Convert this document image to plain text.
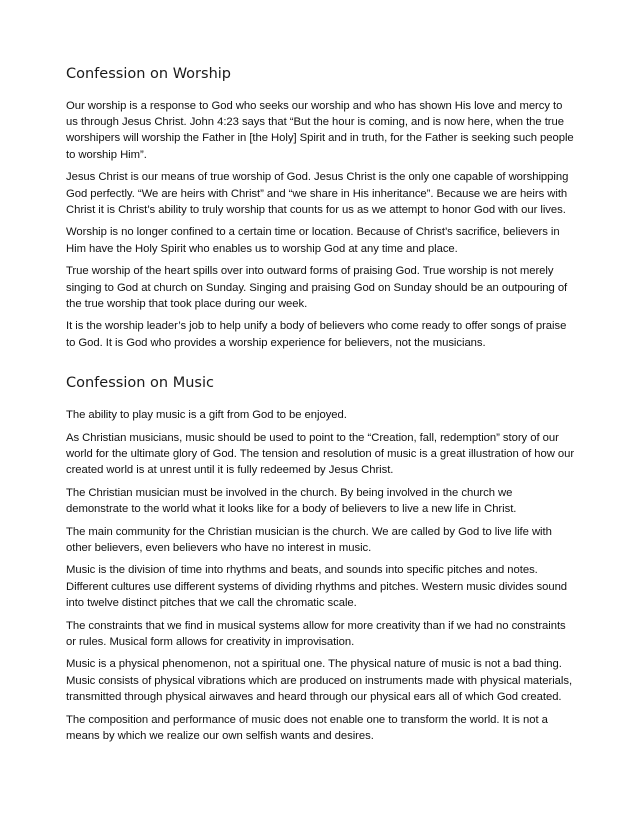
Confession on Worship

Our worship is a response to God who seeks our worship and who has shown His love and mercy to us through Jesus Christ. John 4:23 says that “But the hour is coming, and is now here, when the true worshipers will worship the Father in [the Holy] Spirit and in truth, for the Father is seeking such people to worship Him”.

Jesus Christ is our means of true worship of God. Jesus Christ is the only one capable of worshipping God perfectly. “We are heirs with Christ” and “we share in His inheritance”. Because we are heirs with Christ it is Christ’s ability to truly worship that counts for us as we attempt to honor God with our lives.

Worship is no longer confined to a certain time or location. Because of Christ’s sacrifice, believers in Him have the Holy Spirit who enables us to worship God at any time and place.

True worship of the heart spills over into outward forms of praising God. True worship is not merely singing to God at church on Sunday. Singing and praising God on Sunday should be an outpouring of the true worship that took place during our week.

It is the worship leader’s job to help unify a body of believers who come ready to offer songs of praise to God. It is God who provides a worship experience for believers, not the musicians.

Confession on Music

The ability to play music is a gift from God to be enjoyed.

As Christian musicians, music should be used to point to the “Creation, fall, redemption” story of our world for the ultimate glory of God. The tension and resolution of music is a great illustration of how our created world is at unrest until it is fully redeemed by Jesus Christ.

The Christian musician must be involved in the church. By being involved in the church we demonstrate to the world what it looks like for a body of believers to live a new life in Christ.

The main community for the Christian musician is the church. We are called by God to live life with other believers, even believers who have no interest in music.

Music is the division of time into rhythms and beats, and sounds into specific pitches and notes. Different cultures use different systems of dividing rhythms and pitches. Western music divides sound into twelve distinct pitches that we call the chromatic scale.

The constraints that we find in musical systems allow for more creativity than if we had no constraints or rules. Musical form allows for creativity in improvisation.

Music is a physical phenomenon, not a spiritual one. The physical nature of music is not a bad thing. Music consists of physical vibrations which are produced on instruments made with physical materials, transmitted through physical airwaves and heard through our physical ears all of which God created.

The composition and performance of music does not enable one to transform the world. It is not a means by which we realize our own selfish wants and desires.
